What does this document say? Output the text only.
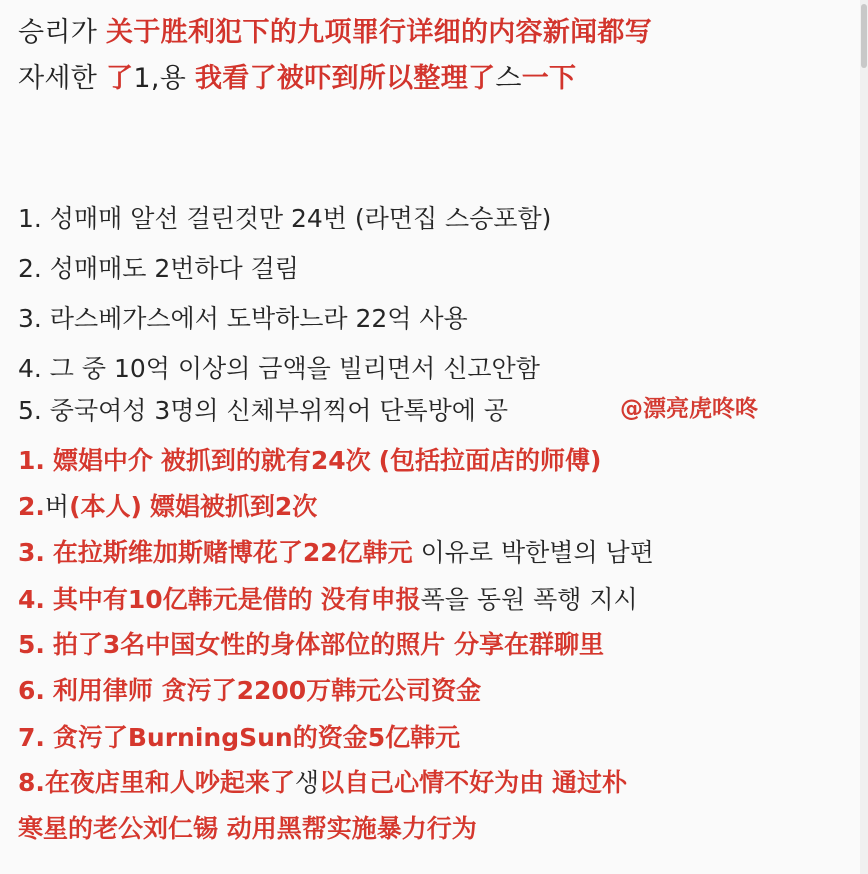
승리가 关于胜利犯下的九项罪行详细的内容新闻都写
자세한 了1,용 我看了被吓到所以整理了스一下
1. 성매매 알선 걸린것만 24번 (라면집 스승포함)
2. 성매매도 2번하다 걸림
3. 라스베가스에서 도박하느라 22억 사용
4. 그 중 10억 이상의 금액을 빌리면서 신고안함
5. 중국여성 3명의 신체부위찍어 단톡방에 공	@漂亮虎咚咚
1. 嫖娼中介 被抓到的就有24次 (包括拉面店的师傅)
2.버(本人) 嫖娼被抓到2次
3. 在拉斯维加斯赌博花了22亿韩元 이유로 박한별의 남편
4. 其中有10亿韩元是借的 没有申报폭을 동원 폭행 지시
5. 拍了3名中国女性的身体部位的照片 分享在群聊里
6. 利用律师 贪污了2200万韩元公司资金
7. 贪污了BurningSun的资金5亿韩元
8.在夜店里和人吵起来了생以自己心情不好为由 通过朴
寒星的老公刘仁锡 动用黑帮实施暴力行为
